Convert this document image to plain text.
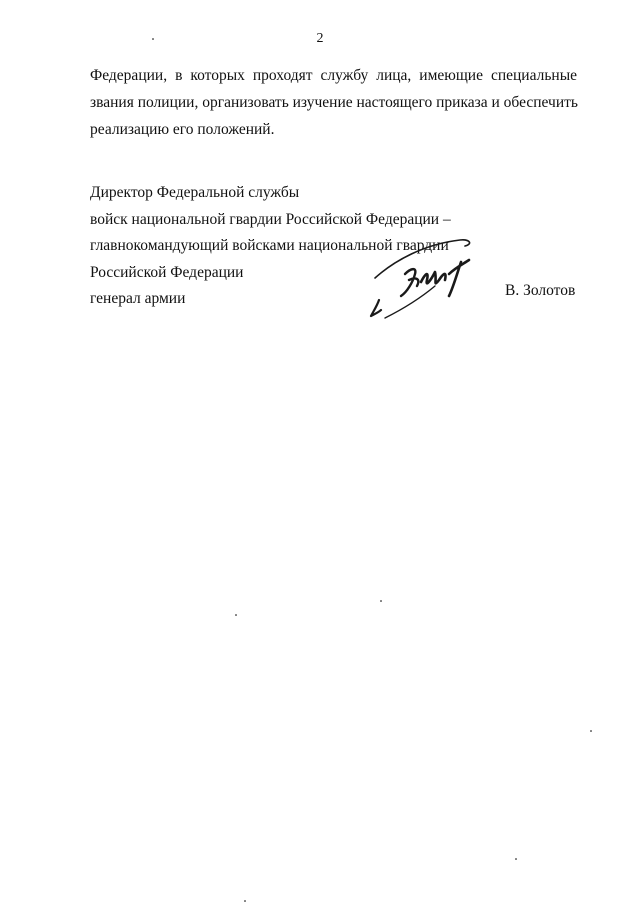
2
Федерации, в которых проходят службу лица, имеющие специальные
звания полиции, организовать изучение настоящего приказа и обеспечить
реализацию его положений.
Директор Федеральной службы
войск национальной гвардии Российской Федерации –
главнокомандующий войсками национальной гвардии
Российской Федерации
генерал армии	В. Золотов
